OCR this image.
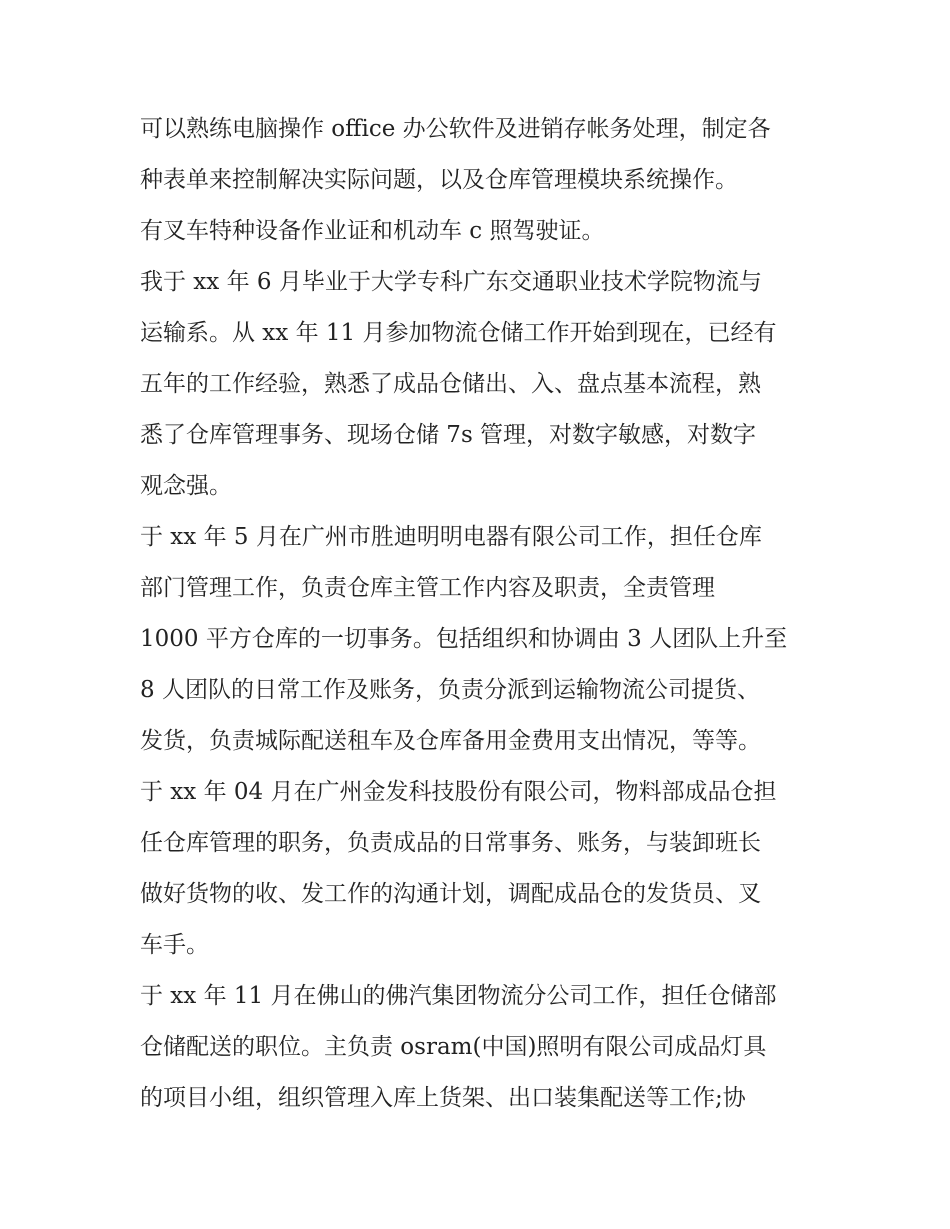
可以熟练电脑操作 office 办公软件及进销存帐务处理，制定各
种表单来控制解决实际问题，以及仓库管理模块系统操作。
有叉车特种设备作业证和机动车 c 照驾驶证。
我于 xx 年 6 月毕业于大学专科广东交通职业技术学院物流与
运输系。从 xx 年 11 月参加物流仓储工作开始到现在，已经有
五年的工作经验，熟悉了成品仓储出、入、盘点基本流程，熟
悉了仓库管理事务、现场仓储 7s 管理，对数字敏感，对数字
观念强。
于 xx 年 5 月在广州市胜迪明明电器有限公司工作，担任仓库
部门管理工作，负责仓库主管工作内容及职责，全责管理
1000 平方仓库的一切事务。包括组织和协调由 3 人团队上升至
8 人团队的日常工作及账务，负责分派到运输物流公司提货、
发货，负责城际配送租车及仓库备用金费用支出情况，等等。
于 xx 年 04 月在广州金发科技股份有限公司，物料部成品仓担
任仓库管理的职务，负责成品的日常事务、账务，与装卸班长
做好货物的收、发工作的沟通计划，调配成品仓的发货员、叉
车手。
于 xx 年 11 月在佛山的佛汽集团物流分公司工作，担任仓储部
仓储配送的职位。主负责 osram(中国)照明有限公司成品灯具
的项目小组，组织管理入库上货架、出口装集配送等工作;协
